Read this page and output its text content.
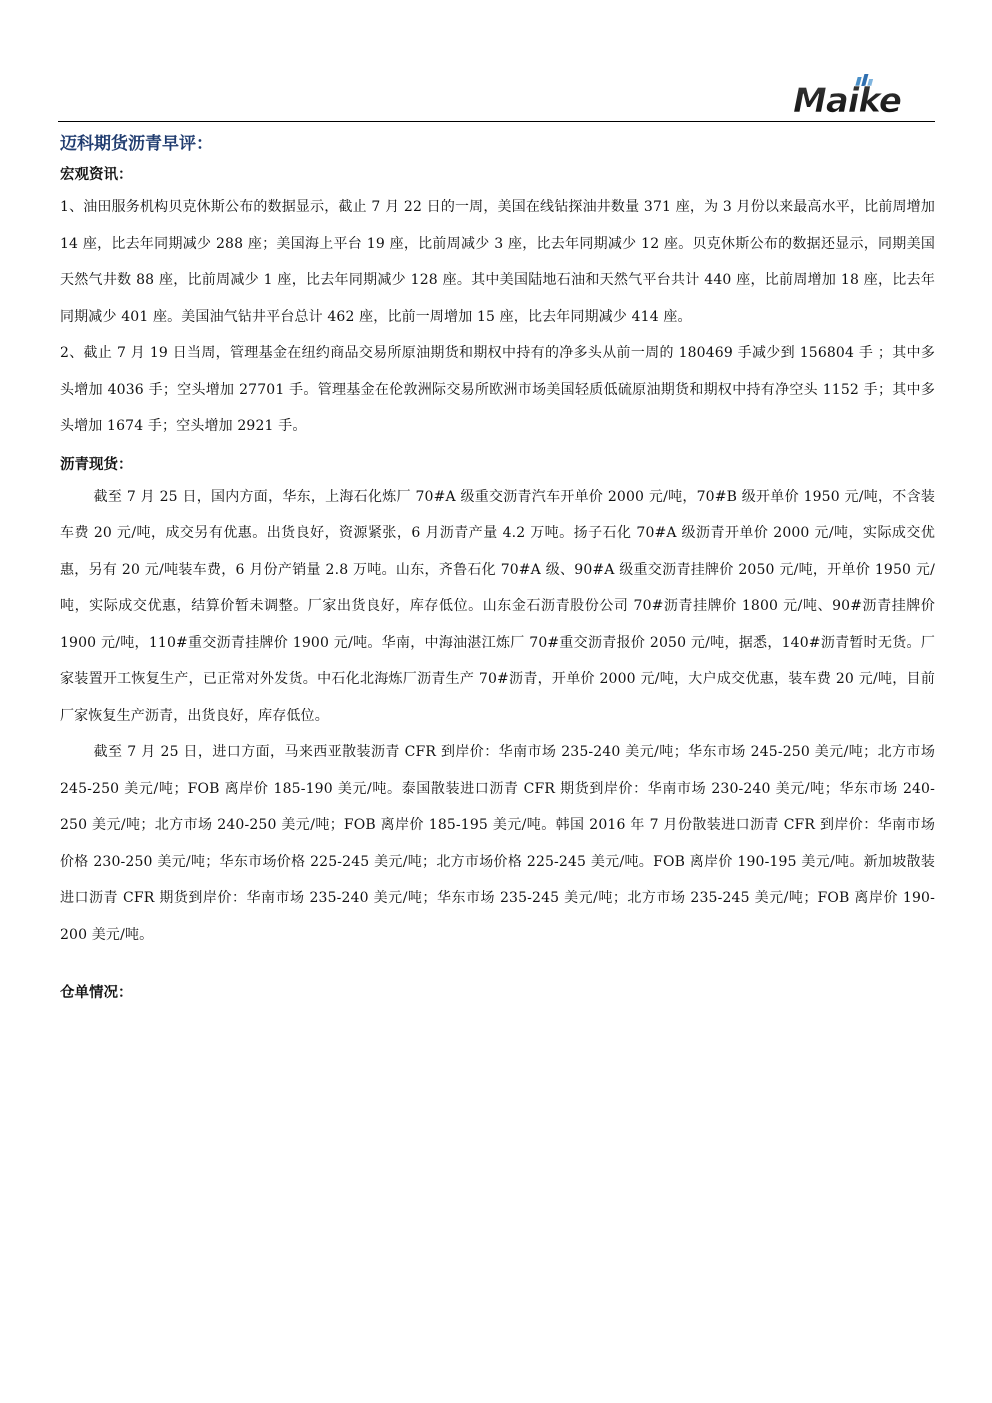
Maike
迈科期货沥青早评：
宏观资讯：

1、油田服务机构贝克休斯公布的数据显示，截止 7 月 22 日的一周，美国在线钻探油井数量 371 座，为 3 月份以来最高水平，比前周增加 14 座，比去年同期减少 288 座；美国海上平台 19 座，比前周减少 3 座，比去年同期减少 12 座。贝克休斯公布的数据还显示，同期美国天然气井数 88 座，比前周减少 1 座，比去年同期减少 128 座。其中美国陆地石油和天然气平台共计 440 座，比前周增加 18 座，比去年同期减少 401 座。美国油气钻井平台总计 462 座，比前一周增加 15 座，比去年同期减少 414 座。

2、截止 7 月 19 日当周，管理基金在纽约商品交易所原油期货和期权中持有的净多头从前一周的 180469 手减少到 156804 手 ；其中多头增加 4036 手；空头增加 27701 手。管理基金在伦敦洲际交易所欧洲市场美国轻质低硫原油期货和期权中持有净空头 1152 手；其中多头增加 1674 手；空头增加 2921 手。

沥青现货：

截至 7 月 25 日，国内方面，华东，上海石化炼厂 70#A 级重交沥青汽车开单价 2000 元/吨，70#B 级开单价 1950 元/吨，不含装车费 20 元/吨，成交另有优惠。出货良好，资源紧张，6 月沥青产量 4.2 万吨。扬子石化 70#A 级沥青开单价 2000 元/吨，实际成交优惠，另有 20 元/吨装车费，6 月份产销量 2.8 万吨。山东，齐鲁石化 70#A 级、90#A 级重交沥青挂牌价 2050 元/吨，开单价 1950 元/吨，实际成交优惠，结算价暂未调整。厂家出货良好，库存低位。山东金石沥青股份公司 70#沥青挂牌价 1800 元/吨、90#沥青挂牌价 1900 元/吨，110#重交沥青挂牌价 1900 元/吨。华南，中海油湛江炼厂 70#重交沥青报价 2050 元/吨，据悉，140#沥青暂时无货。厂家装置开工恢复生产，已正常对外发货。中石化北海炼厂沥青生产 70#沥青，开单价 2000 元/吨，大户成交优惠，装车费 20 元/吨，目前厂家恢复生产沥青，出货良好，库存低位。

截至 7 月 25 日，进口方面，马来西亚散装沥青 CFR 到岸价：华南市场 235-240 美元/吨；华东市场 245-250 美元/吨；北方市场 245-250 美元/吨；FOB 离岸价 185-190 美元/吨。泰国散装进口沥青 CFR 期货到岸价：华南市场 230-240 美元/吨；华东市场 240-250 美元/吨；北方市场 240-250 美元/吨；FOB 离岸价 185-195 美元/吨。韩国 2016 年 7 月份散装进口沥青 CFR 到岸价：华南市场价格 230-250 美元/吨；华东市场价格 225-245 美元/吨；北方市场价格 225-245 美元/吨。FOB 离岸价 190-195 美元/吨。新加坡散装进口沥青 CFR 期货到岸价：华南市场 235-240 美元/吨；华东市场 235-245 美元/吨；北方市场 235-245 美元/吨；FOB 离岸价 190-200 美元/吨。

仓单情况：
